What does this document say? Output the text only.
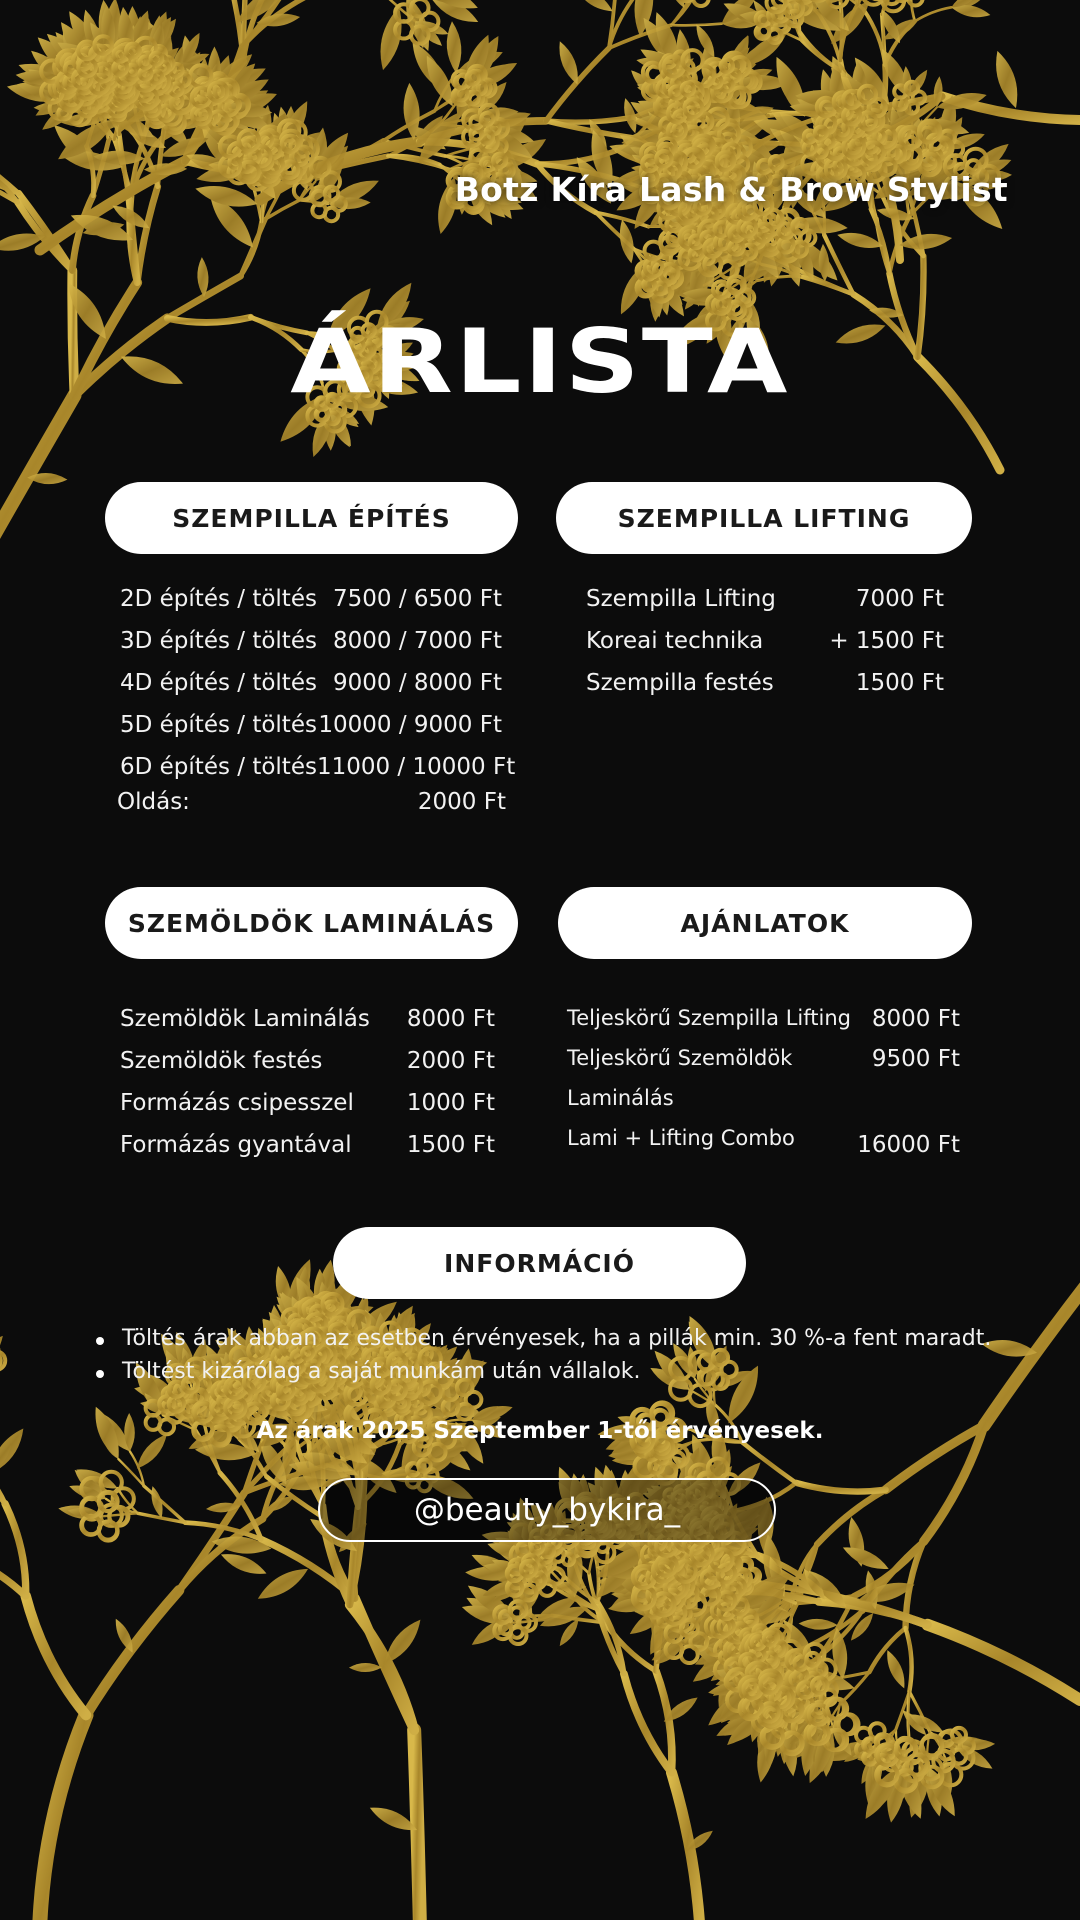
Botz Kíra Lash & Brow Stylist
ÁRLISTA
SZEMPILLA ÉPÍTÉS	SZEMPILLA LIFTING
SZEMÖLDÖK LAMINÁLÁS	AJÁNLATOK
INFORMÁCIÓ
2D építés / töltés 7500 / 6500 Ft
3D építés / töltés 8000 / 7000 Ft
4D építés / töltés 9000 / 8000 Ft
5D építés / töltés 10000 / 9000 Ft
6D építés / töltés 11000 / 10000 Ft
Oldás:	2000 Ft
Szempilla Lifting	7000 Ft
Koreai technika	+ 1500 Ft
Szempilla festés	1500 Ft
Szemöldök Laminálás 8000 Ft
Szemöldök festés	2000 Ft
Formázás csipesszel 1000 Ft
Formázás gyantával 1500 Ft
Teljeskörű Szempilla Lifting 8000 Ft
Teljeskörű Szemöldök	9500 Ft
Laminálás
Lami + Lifting Combo	16000 Ft
Töltés árak abban az esetben érvényesek, ha a pillák min. 30 %-a fent maradt.
Töltést kizárólag a saját munkám után vállalok.
Az árak 2025 Szeptember 1-től érvényesek.
@beauty_bykira_
